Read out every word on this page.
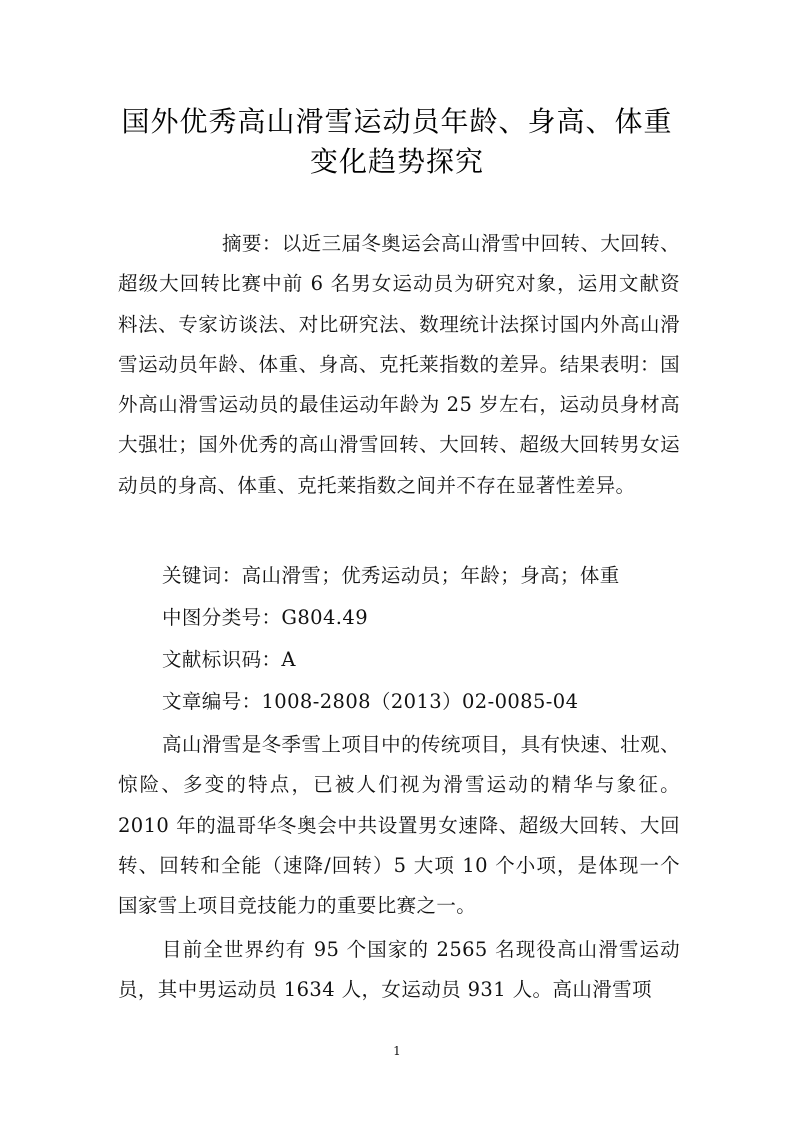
国外优秀高山滑雪运动员年龄、身高、体重
变化趋势探究

摘要：以近三届冬奥运会高山滑雪中回转、大回转、超级大回转比赛中前 6 名男女运动员为研究对象，运用文献资料法、专家访谈法、对比研究法、数理统计法探讨国内外高山滑雪运动员年龄、体重、身高、克托莱指数的差异。结果表明：国外高山滑雪运动员的最佳运动年龄为 25 岁左右，运动员身材高大强壮；国外优秀的高山滑雪回转、大回转、超级大回转男女运动员的身高、体重、克托莱指数之间并不存在显著性差异。

关键词：高山滑雪；优秀运动员；年龄；身高；体重

中图分类号：G804.49

文献标识码：A

文章编号：1008-2808（2013）02-0085-04

高山滑雪是冬季雪上项目中的传统项目，具有快速、壮观、惊险、多变的特点，已被人们视为滑雪运动的精华与象征。2010 年的温哥华冬奥会中共设置男女速降、超级大回转、大回转、回转和全能（速降/回转）5 大项 10 个小项，是体现一个国家雪上项目竞技能力的重要比赛之一。

目前全世界约有 95 个国家的 2565 名现役高山滑雪运动员，其中男运动员 1634 人，女运动员 931 人。高山滑雪项

1
